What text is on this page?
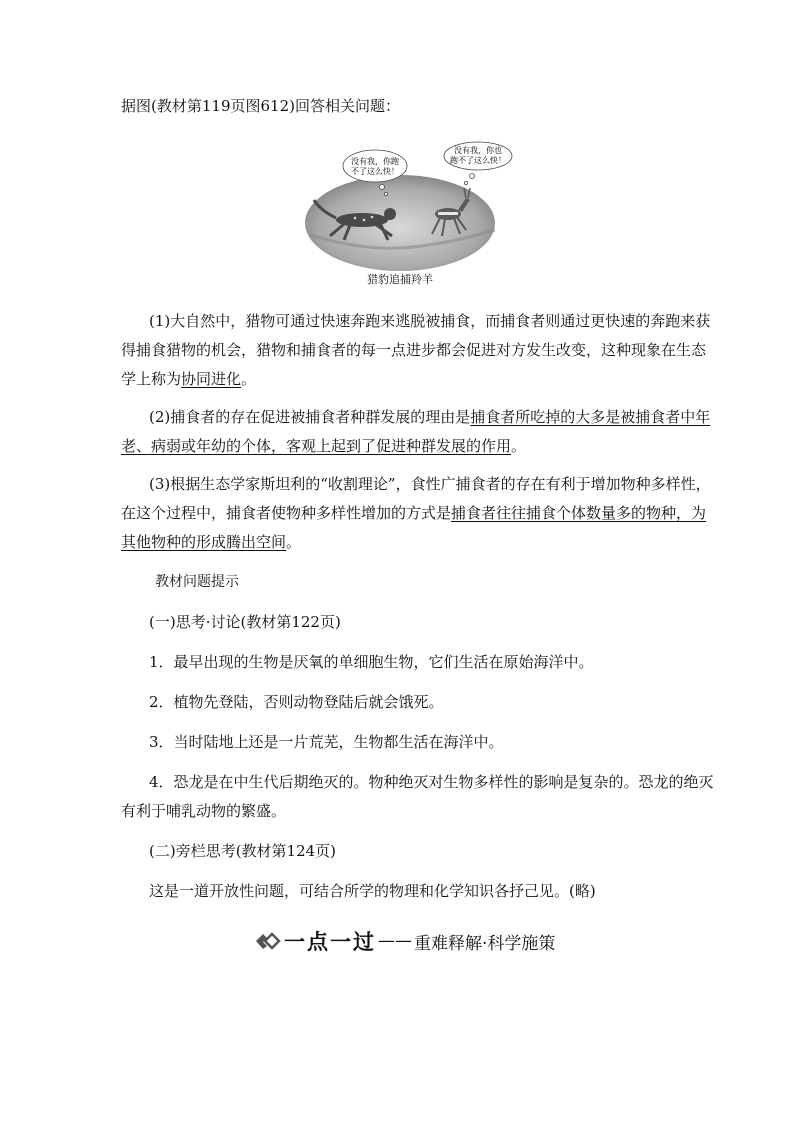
据图(教材第119页图612)回答相关问题：
没有我，你跑
不了这么快！
没有我，你也
跑不了这么快！
猎豹追捕羚羊
(1)大自然中，猎物可通过快速奔跑来逃脱被捕食，而捕食者则通过更快速的奔跑来获
得捕食猎物的机会，猎物和捕食者的每一点进步都会促进对方发生改变，这种现象在生态
学上称为协同进化。
(2)捕食者的存在促进被捕食者种群发展的理由是捕食者所吃掉的大多是被捕食者中年
老、病弱或年幼的个体，客观上起到了促进种群发展的作用。
(3)根据生态学家斯坦利的“收割理论”，食性广捕食者的存在有利于增加物种多样性，
在这个过程中，捕食者使物种多样性增加的方式是捕食者往往捕食个体数量多的物种，为
其他物种的形成腾出空间。
教材问题提示
(一)思考·讨论(教材第122页)
1．最早出现的生物是厌氧的单细胞生物，它们生活在原始海洋中。
2．植物先登陆，否则动物登陆后就会饿死。
3．当时陆地上还是一片荒芜，生物都生活在海洋中。
4．恐龙是在中生代后期绝灭的。物种绝灭对生物多样性的影响是复杂的。恐龙的绝灭
有利于哺乳动物的繁盛。
(二)旁栏思考(教材第124页)
这是一道开放性问题，可结合所学的物理和化学知识各抒己见。(略)
一点一过 —— 重难释解·科学施策
